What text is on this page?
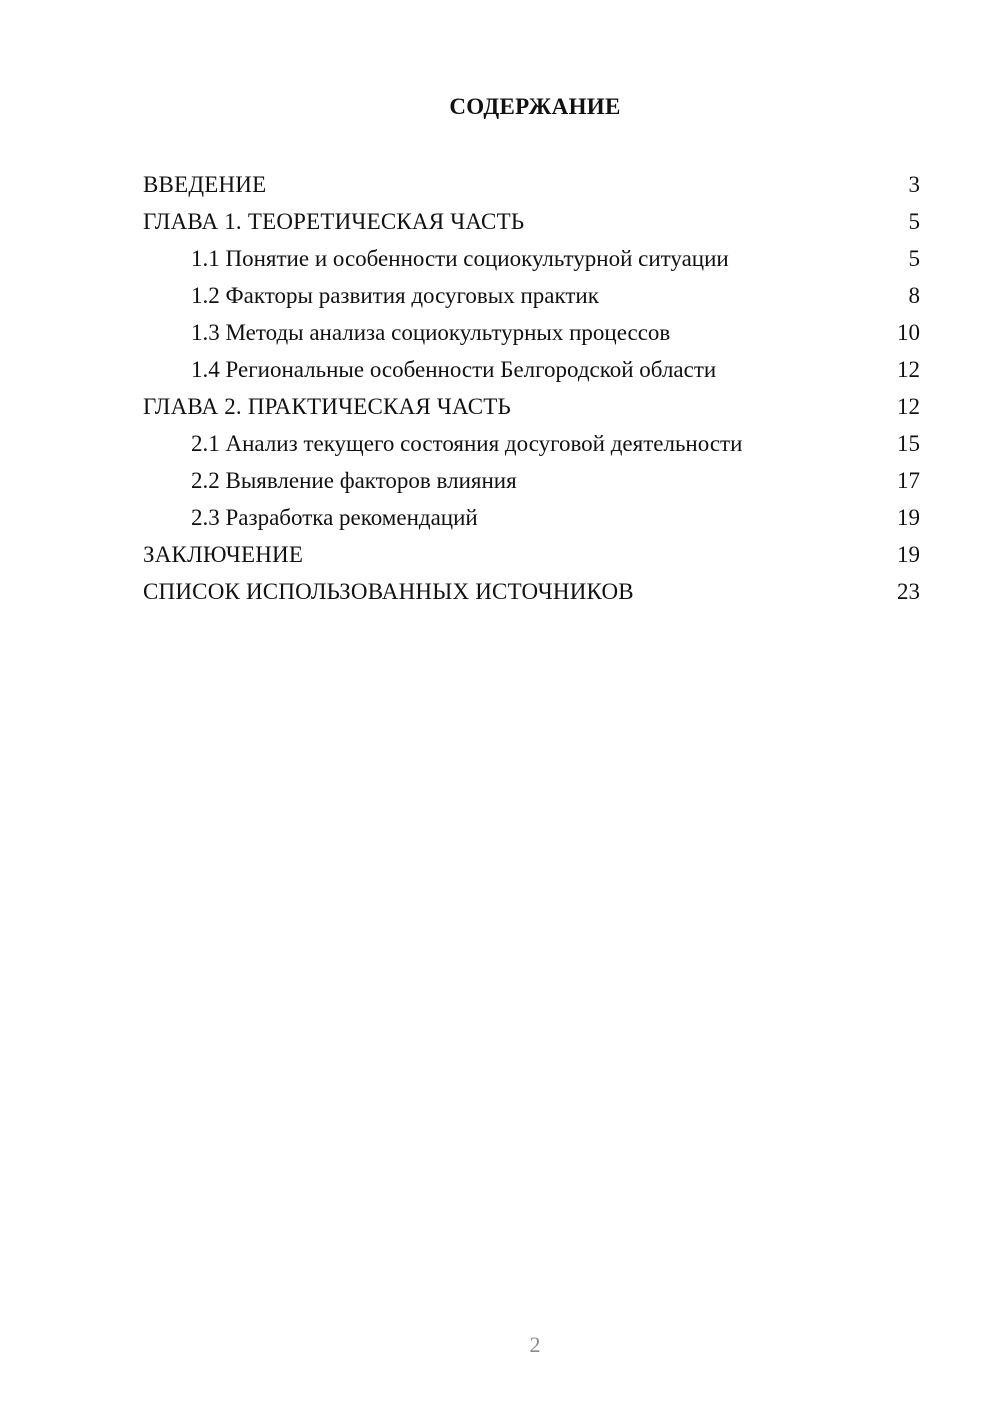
СОДЕРЖАНИЕ
ВВЕДЕНИЕ	3
ГЛАВА 1. ТЕОРЕТИЧЕСКАЯ ЧАСТЬ	5
1.1 Понятие и особенности социокультурной ситуации	5
1.2 Факторы развития досуговых практик	8
1.3 Методы анализа социокультурных процессов	10
1.4 Региональные особенности Белгородской области	12
ГЛАВА 2. ПРАКТИЧЕСКАЯ ЧАСТЬ	12
2.1 Анализ текущего состояния досуговой деятельности	15
2.2 Выявление факторов влияния	17
2.3 Разработка рекомендаций	19
ЗАКЛЮЧЕНИЕ	19
СПИСОК ИСПОЛЬЗОВАННЫХ ИСТОЧНИКОВ	23
2
